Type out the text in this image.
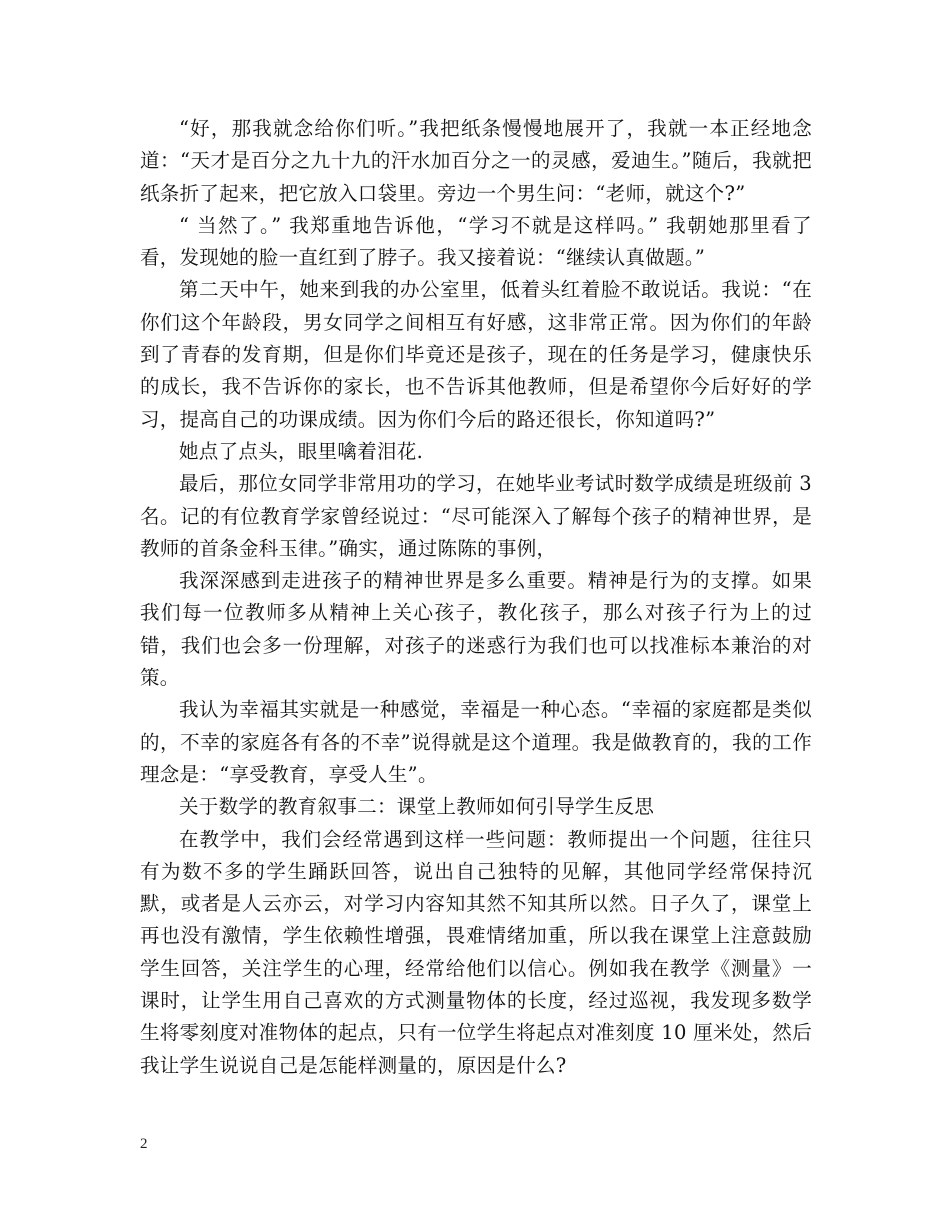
“好，那我就念给你们听。”我把纸条慢慢地展开了，我就一本正经地念道：“天才是百分之九十九的汗水加百分之一的灵感，爱迪生。”随后，我就把纸条折了起来，把它放入口袋里。旁边一个男生问：“老师，就这个?”

“ 当然了。” 我郑重地告诉他，“学习不就是这样吗。” 我朝她那里看了看，发现她的脸一直红到了脖子。我又接着说：“继续认真做题。”

第二天中午，她来到我的办公室里，低着头红着脸不敢说话。我说：“在你们这个年龄段，男女同学之间相互有好感，这非常正常。因为你们的年龄到了青春的发育期，但是你们毕竟还是孩子，现在的任务是学习，健康快乐的成长，我不告诉你的家长，也不告诉其他教师，但是希望你今后好好的学习，提高自己的功课成绩。因为你们今后的路还很长，你知道吗?”

她点了点头，眼里噙着泪花.

最后，那位女同学非常用功的学习，在她毕业考试时数学成绩是班级前 3 名。记的有位教育学家曾经说过：“尽可能深入了解每个孩子的精神世界，是教师的首条金科玉律。”确实，通过陈陈的事例，

我深深感到走进孩子的精神世界是多么重要。精神是行为的支撑。如果我们每一位教师多从精神上关心孩子，教化孩子，那么对孩子行为上的过错，我们也会多一份理解，对孩子的迷惑行为我们也可以找准标本兼治的对策。

我认为幸福其实就是一种感觉，幸福是一种心态。“幸福的家庭都是类似的，不幸的家庭各有各的不幸”说得就是这个道理。我是做教育的，我的工作理念是：“享受教育，享受人生”。

关于数学的教育叙事二：课堂上教师如何引导学生反思

在教学中，我们会经常遇到这样一些问题：教师提出一个问题，往往只有为数不多的学生踊跃回答，说出自己独特的见解，其他同学经常保持沉默，或者是人云亦云，对学习内容知其然不知其所以然。日子久了，课堂上再也没有激情，学生依赖性增强，畏难情绪加重，所以我在课堂上注意鼓励学生回答，关注学生的心理，经常给他们以信心。例如我在教学《测量》一课时，让学生用自己喜欢的方式测量物体的长度，经过巡视，我发现多数学生将零刻度对准物体的起点，只有一位学生将起点对准刻度 10 厘米处，然后我让学生说说自己是怎能样测量的，原因是什么?

2
